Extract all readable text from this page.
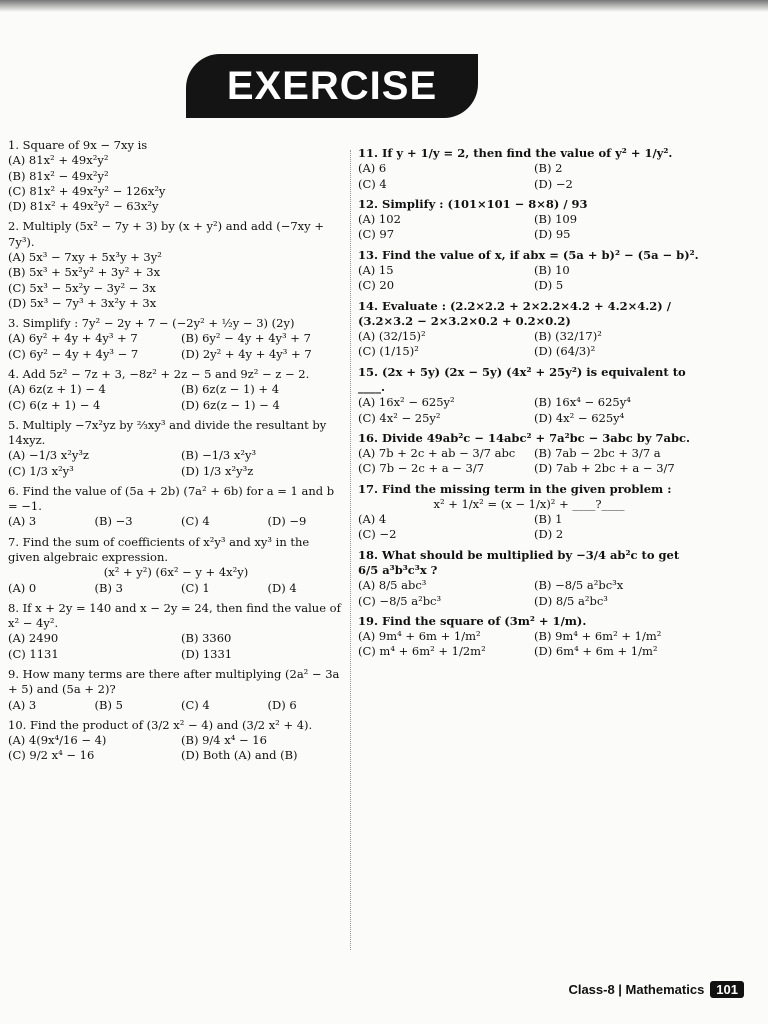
EXERCISE
1. Square of 9x − 7xy is
(A) 81x² + 49x²y²
(B) 81x² − 49x²y²
(C) 81x² + 49x²y² − 126x²y
(D) 81x² + 49x²y² − 63x²y
2. Multiply (5x² − 7y + 3) by (x + y²) and add (−7xy + 7y³).
(A) 5x³ − 7xy + 5x³y + 3y²
(B) 5x³ + 5x²y² + 3y² + 3x
(C) 5x³ − 5x²y − 3y² − 3x
(D) 5x³ − 7y³ + 3x²y + 3x
3. Simplify : 7y² − 2y + 7 − (−2y² + ½y − 3) (2y)
(A) 6y² + 4y + 4y³ + 7	(B) 6y² − 4y + 4y³ + 7
(C) 6y² − 4y + 4y³ − 7	(D) 2y² + 4y + 4y³ + 7
4. Add 5z² − 7z + 3, −8z² + 2z − 5 and 9z² − z − 2.
(A) 6z(z + 1) − 4	(B) 6z(z − 1) + 4
(C) 6(z + 1) − 4	(D) 6z(z − 1) − 4
5. Multiply −7x²yz by ⅔xy³ and divide the resultant by 14xyz.
(A) −1/3 x²y³z	(B) −1/3 x²y³
(C) 1/3 x²y³	(D) 1/3 x²y³z
6. Find the value of (5a + 2b) (7a² + 6b) for a = 1 and b = −1.
(A) 3	(B) −3	(C) 4	(D) −9
7. Find the sum of coefficients of x²y³ and xy³ in the given algebraic expression.
(x² + y²) (6x² − y + 4x²y)
(A) 0	(B) 3	(C) 1	(D) 4
8. If x + 2y = 140 and x − 2y = 24, then find the value of x² − 4y².
(A) 2490	(B) 3360
(C) 1131	(D) 1331
9. How many terms are there after multiplying (2a² − 3a + 5) and (5a + 2)?
(A) 3	(B) 5	(C) 4	(D) 6
10. Find the product of (3/2 x² − 4) and (3/2 x² + 4).
(A) 4(9x⁴/16 − 4)	(B) 9/4 x⁴ − 16
(C) 9/2 x⁴ − 16	(D) Both (A) and (B)
11. If y + 1/y = 2, then find the value of y² + 1/y².
(A) 6	(B) 2
(C) 4	(D) −2
12. Simplify : (101×101 − 8×8) / 93
(A) 102	(B) 109
(C) 97	(D) 95
13. Find the value of x, if abx = (5a + b)² − (5a − b)².
(A) 15	(B) 10
(C) 20	(D) 5
14. Evaluate : (2.2×2.2 + 2×2.2×4.2 + 4.2×4.2) / (3.2×3.2 − 2×3.2×0.2 + 0.2×0.2)
(A) (32/15)²	(B) (32/17)²
(C) (1/15)²	(D) (64/3)²
15. (2x + 5y) (2x − 5y) (4x² + 25y²) is equivalent to ____.
(A) 16x² − 625y²	(B) 16x⁴ − 625y⁴
(C) 4x² − 25y²	(D) 4x² − 625y⁴
16. Divide 49ab²c − 14abc² + 7a²bc − 3abc by 7abc.
(A) 7b + 2c + ab − 3/7 abc	(B) 7ab − 2bc + 3/7 a
(C) 7b − 2c + a − 3/7	(D) 7ab + 2bc + a − 3/7
17. Find the missing term in the given problem :
x² + 1/x² = (x − 1/x)² + ____?____
(A) 4	(B) 1
(C) −2	(D) 2
18. What should be multiplied by −3/4 ab²c to get 6/5 a³b³c³x ?
(A) 8/5 abc³	(B) −8/5 a²bc³x
(C) −8/5 a²bc³	(D) 8/5 a²bc³
19. Find the square of (3m² + 1/m).
(A) 9m⁴ + 6m + 1/m²	(B) 9m⁴ + 6m² + 1/m²
(C) m⁴ + 6m² + 1/2m²	(D) 6m⁴ + 6m + 1/m²
Class-8 | Mathematics 101
